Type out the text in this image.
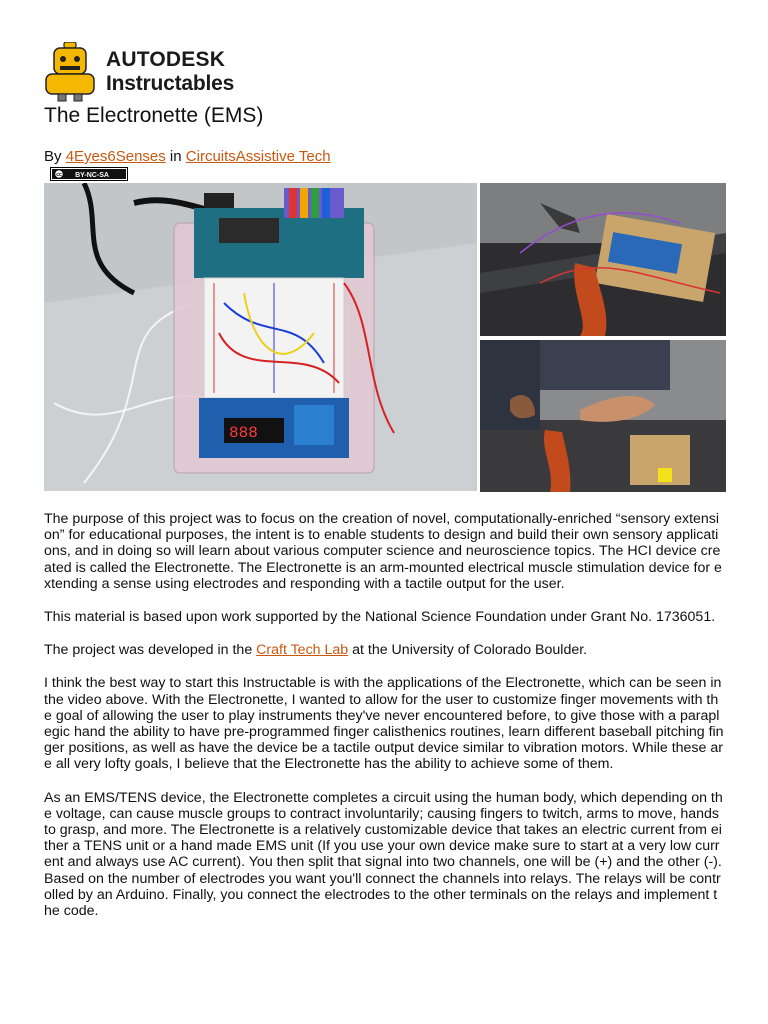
AUTODESK
Instructables
The Electronette (EMS)
By 4Eyes6Senses in CircuitsAssistive Tech
cc BY-NC-SA
888

The purpose of this project was to focus on the creation of novel, computationally-enriched “sensory extension” for educational purposes, the intent is to enable students to design and build their own sensory applications, and in doing so will learn about various computer science and neuroscience topics. The HCI device created is called the Electronette. The Electronette is an arm-mounted electrical muscle stimulation device for extending a sense using electrodes and responding with a tactile output for the user.

This material is based upon work supported by the National Science Foundation under Grant No. 1736051.

The project was developed in the Craft Tech Lab at the University of Colorado Boulder.

I think the best way to start this Instructable is with the applications of the Electronette, which can be seen in the video above. With the Electronette, I wanted to allow for the user to customize finger movements with the goal of allowing the user to play instruments they've never encountered before, to give those with a paraplegic hand the ability to have pre-programmed finger calisthenics routines, learn different baseball pitching finger positions, as well as have the device be a tactile output device similar to vibration motors. While these are all very lofty goals, I believe that the Electronette has the ability to achieve some of them.

As an EMS/TENS device, the Electronette completes a circuit using the human body, which depending on the voltage, can cause muscle groups to contract involuntarily; causing fingers to twitch, arms to move, hands to grasp, and more. The Electronette is a relatively customizable device that takes an electric current from either a TENS unit or a hand made EMS unit (If you use your own device make sure to start at a very low current and always use AC current). You then split that signal into two channels, one will be (+) and the other (-). Based on the number of electrodes you want you'll connect the channels into relays. The relays will be controlled by an Arduino. Finally, you connect the electrodes to the other terminals on the relays and implement the code.
